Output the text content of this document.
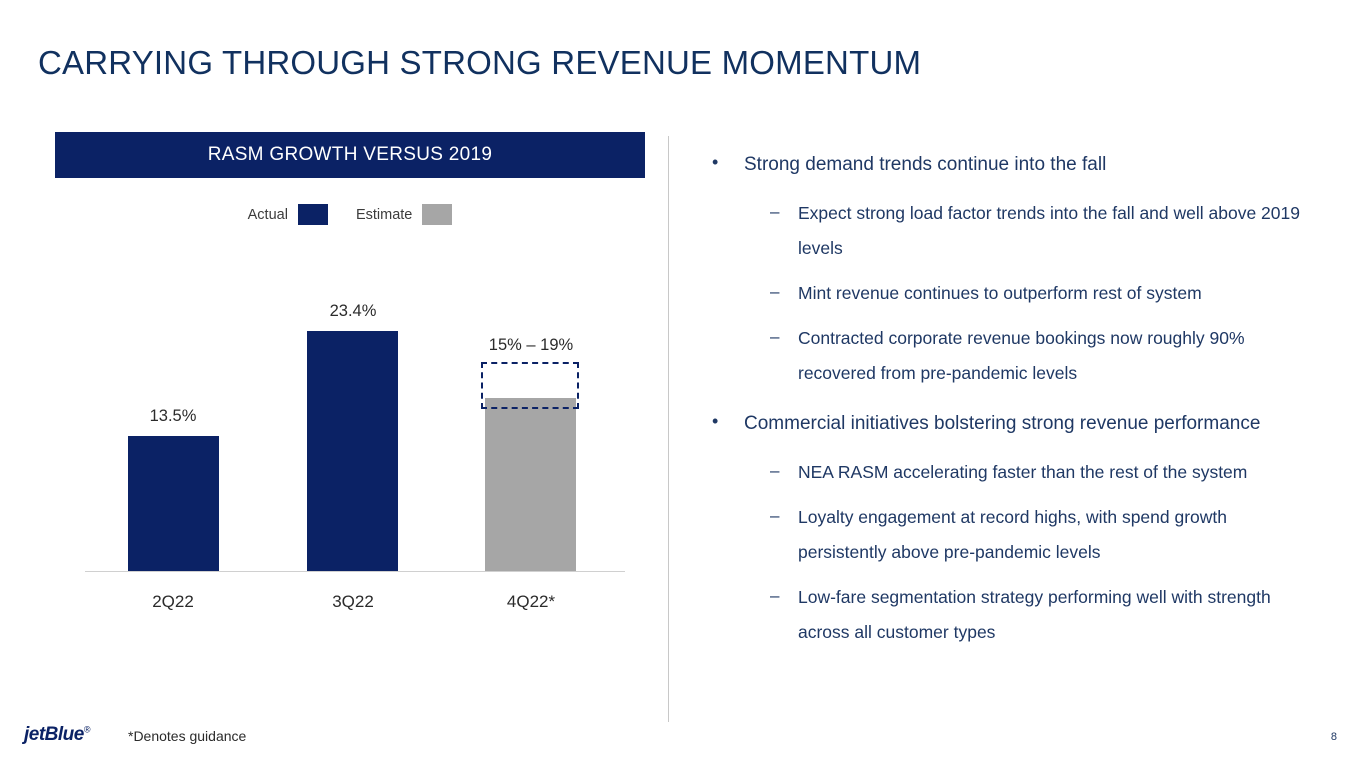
CARRYING THROUGH STRONG REVENUE MOMENTUM
RASM GROWTH VERSUS 2019
Actual	Estimate
13.5%
23.4%
15% – 19%
2Q22	3Q22	4Q22*
•	Strong demand trends continue into the fall
–	Expect strong load factor trends into the fall and well above 2019 levels
–	Mint revenue continues to outperform rest of system
–	Contracted corporate revenue bookings now roughly 90% recovered from pre-pandemic levels
•	Commercial initiatives bolstering strong revenue performance
–	NEA RASM accelerating faster than the rest of the system
–	Loyalty engagement at record highs, with spend growth persistently above pre-pandemic levels
–	Low-fare segmentation strategy performing well with strength across all customer types
jetBlue®	*Denotes guidance	8
